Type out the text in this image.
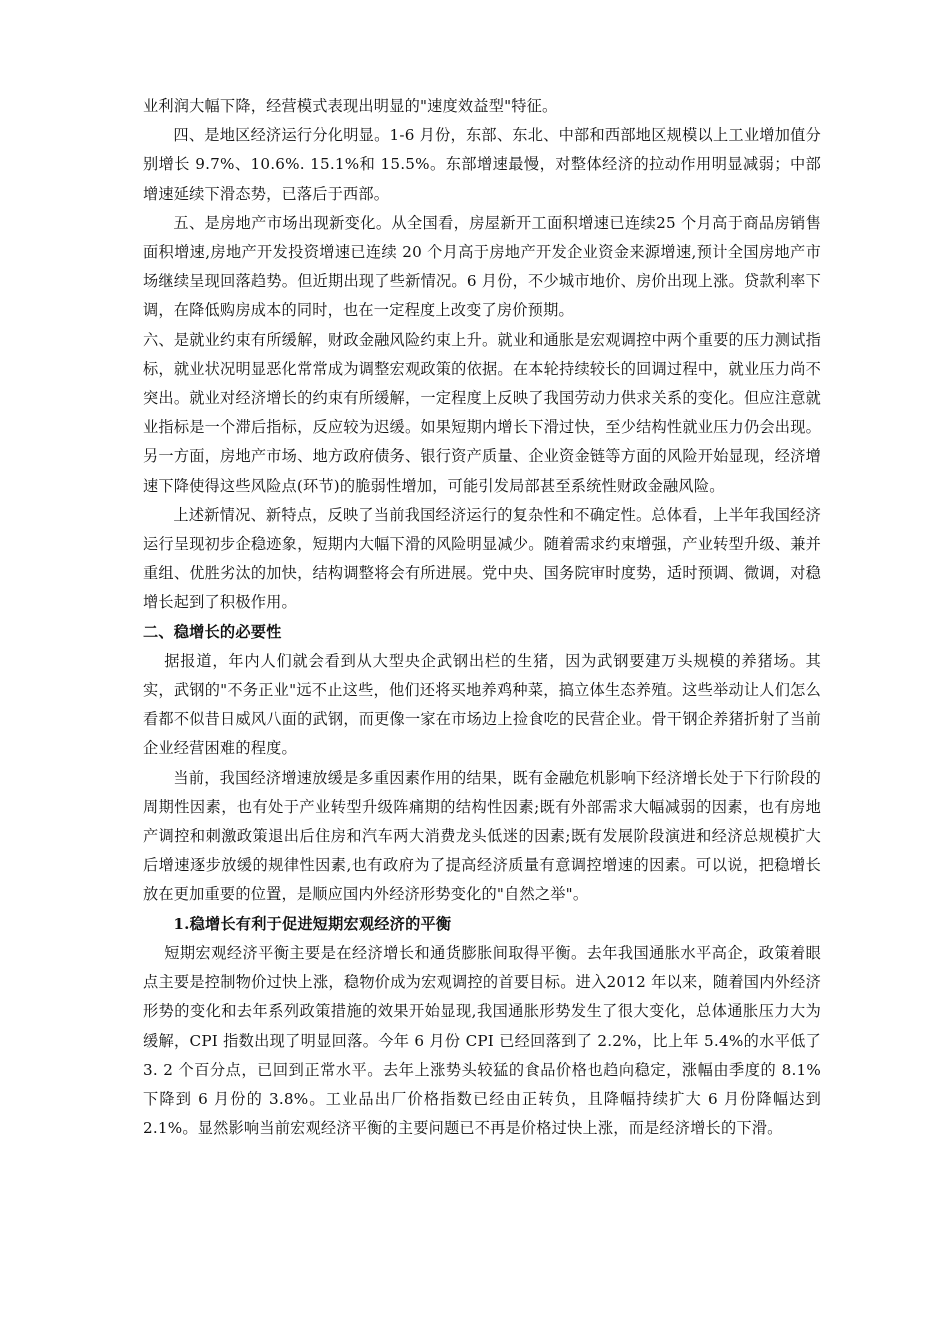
业利润大幅下降，经营模式表现出明显的"速度效益型"特征。

四、是地区经济运行分化明显。1-6 月份，东部、东北、中部和西部地区规模以上工业增加值分别增长 9.7%、10.6%. 15.1%和 15.5%。东部增速最慢，对整体经济的拉动作用明显减弱；中部增速延续下滑态势，已落后于西部。

五、是房地产市场出现新变化。从全国看，房屋新开工面积增速已连续25 个月高于商品房销售面积增速,房地产开发投资增速已连续 20 个月高于房地产开发企业资金来源增速,预计全国房地产市场继续呈现回落趋势。但近期出现了些新情况。6 月份，不少城市地价、房价出现上涨。贷款利率下调，在降低购房成本的同时，也在一定程度上改变了房价预期。

六、是就业约束有所缓解，财政金融风险约束上升。就业和通胀是宏观调控中两个重要的压力测试指标，就业状况明显恶化常常成为调整宏观政策的依据。在本轮持续较长的回调过程中，就业压力尚不突出。就业对经济增长的约束有所缓解，一定程度上反映了我国劳动力供求关系的变化。但应注意就业指标是一个滞后指标，反应较为迟缓。如果短期内增长下滑过快，至少结构性就业压力仍会出现。另一方面，房地产市场、地方政府债务、银行资产质量、企业资金链等方面的风险开始显现，经济增速下降使得这些风险点(环节)的脆弱性增加，可能引发局部甚至系统性财政金融风险。

上述新情况、新特点，反映了当前我国经济运行的复杂性和不确定性。总体看，上半年我国经济运行呈现初步企稳迹象，短期内大幅下滑的风险明显减少。随着需求约束增强，产业转型升级、兼并重组、优胜劣汰的加快，结构调整将会有所进展。党中央、国务院审时度势，适时预调、微调，对稳增长起到了积极作用。

二、稳增长的必要性

据报道，年内人们就会看到从大型央企武钢出栏的生猪，因为武钢要建万头规模的养猪场。其实，武钢的"不务正业"远不止这些，他们还将买地养鸡种菜，搞立体生态养殖。这些举动让人们怎么看都不似昔日威风八面的武钢，而更像一家在市场边上捡食吃的民营企业。骨干钢企养猪折射了当前企业经营困难的程度。

当前，我国经济增速放缓是多重因素作用的结果，既有金融危机影响下经济增长处于下行阶段的周期性因素，也有处于产业转型升级阵痛期的结构性因素;既有外部需求大幅减弱的因素，也有房地产调控和刺激政策退出后住房和汽车两大消费龙头低迷的因素;既有发展阶段演进和经济总规模扩大后增速逐步放缓的规律性因素,也有政府为了提高经济质量有意调控增速的因素。可以说，把稳增长放在更加重要的位置，是顺应国内外经济形势变化的"自然之举"。

1.稳增长有利于促进短期宏观经济的平衡

短期宏观经济平衡主要是在经济增长和通货膨胀间取得平衡。去年我国通胀水平高企，政策着眼点主要是控制物价过快上涨，稳物价成为宏观调控的首要目标。进入2012 年以来，随着国内外经济形势的变化和去年系列政策措施的效果开始显现,我国通胀形势发生了很大变化，总体通胀压力大为缓解，CPI 指数出现了明显回落。今年 6 月份 CPI 已经回落到了 2.2%，比上年 5.4%的水平低了 3. 2 个百分点，已回到正常水平。去年上涨势头较猛的食品价格也趋向稳定，涨幅由季度的 8.1%下降到 6 月份的 3.8%。工业品出厂价格指数已经由正转负，且降幅持续扩大 6 月份降幅达到 2.1%。显然影响当前宏观经济平衡的主要问题已不再是价格过快上涨，而是经济增长的下滑。
